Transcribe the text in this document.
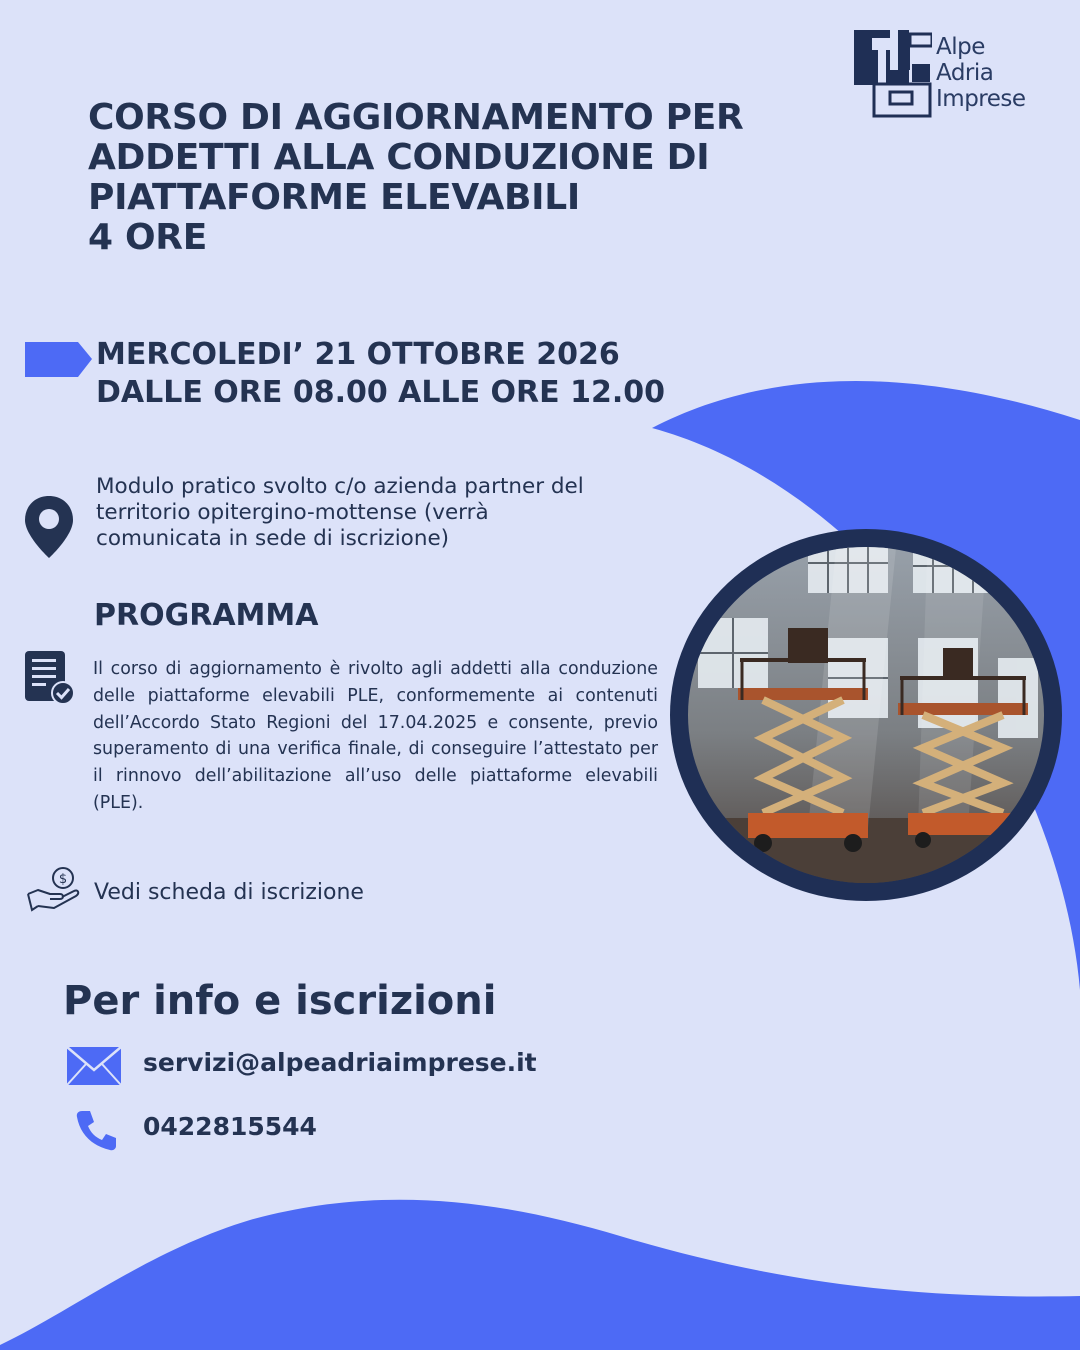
Alpe
Adria
Imprese
CORSO DI AGGIORNAMENTO PER
ADDETTI ALLA CONDUZIONE DI
PIATTAFORME ELEVABILI
4 ORE
MERCOLEDI’ 21 OTTOBRE 2026
DALLE ORE 08.00 ALLE ORE 12.00
Modulo pratico svolto c/o azienda partner del territorio opitergino-mottense (verrà comunicata in sede di iscrizione)
PROGRAMMA
Il corso di aggiornamento è rivolto agli addetti alla conduzione delle piattaforme elevabili PLE, conformemente ai contenuti dell’Accordo Stato Regioni del 17.04.2025 e consente, previo superamento di una verifica finale, di conseguire l’attestato per il rinnovo dell’abilitazione all’uso delle piattaforme elevabili (PLE).
$
Vedi scheda di iscrizione
Per info e iscrizioni
servizi@alpeadriaimprese.it
0422815544
